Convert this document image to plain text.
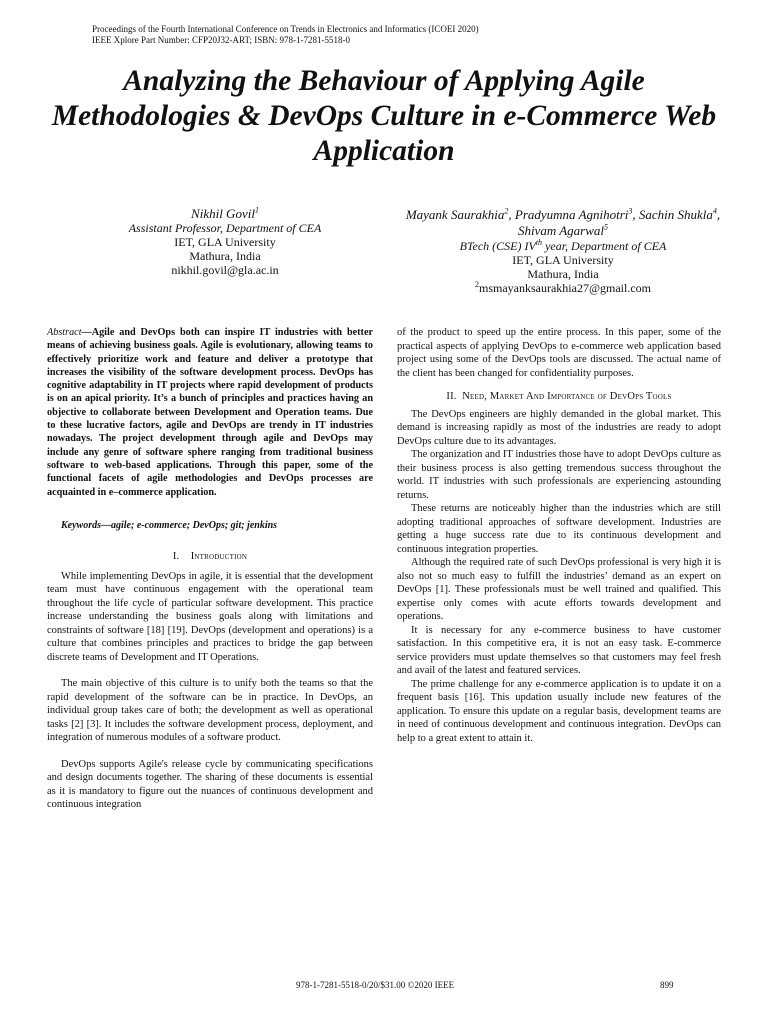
Proceedings of the Fourth International Conference on Trends in Electronics and Informatics (ICOEI 2020)
IEEE Xplore Part Number: CFP20J32-ART; ISBN: 978-1-7281-5518-0
Analyzing the Behaviour of Applying Agile Methodologies & DevOps Culture in e-Commerce Web Application
Nikhil Govil$^1$
Assistant Professor, Department of CEA
IET, GLA University
Mathura, India
nikhil.govil@gla.ac.in
Mayank Saurakhia$^2$, Pradyumna Agnihotri$^3$, Sachin Shukla$^4$, Shivam Agarwal$^5$
BTech (CSE) IVth year, Department of CEA
IET, GLA University
Mathura, India
$^2$msmayanksaurakhia27@gmail.com

Abstract—Agile and DevOps both can inspire IT industries with better means of achieving business goals. Agile is evolutionary, allowing teams to effectively prioritize work and feature and deliver a prototype that increases the visibility of the software development process. DevOps has cognitive adaptability in IT projects where rapid development of products is on an apical priority. It’s a bunch of principles and practices having an objective to collaborate between Development and Operation teams. Due to these lucrative factors, agile and DevOps are trendy in IT industries nowadays. The project development through agile and DevOps may include any genre of software sphere ranging from traditional business software to web-based applications. Through this paper, some of the functional facets of agile methodologies and DevOps processes are acquainted in e–commerce application.

Keywords—agile; e-commerce; DevOps; git; jenkins

I. Introduction

While implementing DevOps in agile, it is essential that the development team must have continuous engagement with the operational team throughout the life cycle of particular software development. This practice increase understanding the business goals along with limitations and constraints of software [18] [19]. DevOps (development and operations) is a culture that combines principles and practices to bridge the gap between discrete teams of Development and IT Operations.

The main objective of this culture is to unify both the teams so that the rapid development of the software can be in practice. In DevOps, an individual group takes care of both; the development as well as operational tasks [2] [3]. It includes the software development process, deployment, and integration of numerous modules of a software product.

DevOps supports Agile's release cycle by communicating specifications and design documents together. The sharing of these documents is essential as it is mandatory to figure out the nuances of continuous development and continuous integration

of the product to speed up the entire process. In this paper, some of the practical aspects of applying DevOps to e-commerce web application based project using some of the DevOps tools are discussed. The actual name of the client has been changed for confidentiality purposes.

II. Need, Market And Importance of DevOps Tools

The DevOps engineers are highly demanded in the global market. This demand is increasing rapidly as most of the industries are ready to adopt DevOps culture due to its advantages.

The organization and IT industries those have to adopt DevOps culture as their business process is also getting tremendous success throughout the world. IT industries with such professionals are experiencing astounding returns.

These returns are noticeably higher than the industries which are still adopting traditional approaches of software development. Industries are getting a huge success rate due to its continuous development and continuous integration properties.

Although the required rate of such DevOps professional is very high it is also not so much easy to fulfill the industries’ demand as an expert on DevOps [1]. These professionals must be well trained and qualified. This expertise only comes with acute efforts towards development and operations.

It is necessary for any e-commerce business to have customer satisfaction. In this competitive era, it is not an easy task. E-commerce service providers must update themselves so that customers may feel fresh and avail of the latest and featured services.

The prime challenge for any e-commerce application is to update it on a frequent basis [16]. This updation usually include new features of the application. To ensure this update on a regular basis, development teams are in need of continuous development and continuous integration. DevOps can help to a great extent to attain it.

978-1-7281-5518-0/20/$31.00 ©2020 IEEE	899
